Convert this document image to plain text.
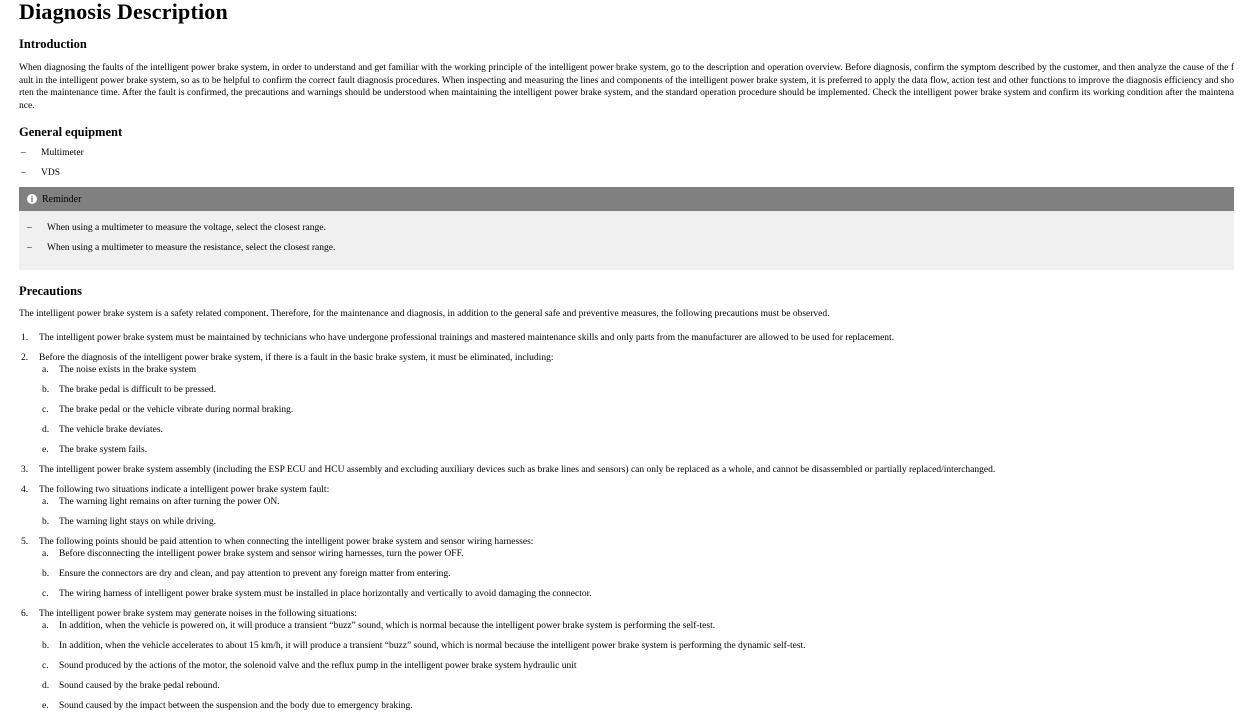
Diagnosis Description
Introduction
When diagnosing the faults of the intelligent power brake system, in order to understand and get familiar with the working principle of the intelligent power brake system, go to the description and operation overview. Before diagnosis, confirm the symptom described by the customer, and then analyze the cause of the fault in the intelligent power brake system, so as to be helpful to confirm the correct fault diagnosis procedures. When inspecting and measuring the lines and components of the intelligent power brake system, it is preferred to apply the data flow, action test and other functions to improve the diagnosis efficiency and shorten the maintenance time. After the fault is confirmed, the precautions and warnings should be understood when maintaining the intelligent power brake system, and the standard operation procedure should be implemented. Check the intelligent power brake system and confirm its working condition after the maintenance.
General equipment
– Multimeter
– VDS
i Reminder
– When using a multimeter to measure the voltage, select the closest range.
– When using a multimeter to measure the resistance, select the closest range.
Precautions
The intelligent power brake system is a safety related component. Therefore, for the maintenance and diagnosis, in addition to the general safe and preventive measures, the following precautions must be observed.
1. The intelligent power brake system must be maintained by technicians who have undergone professional trainings and mastered maintenance skills and only parts from the manufacturer are allowed to be used for replacement.
2. Before the diagnosis of the intelligent power brake system, if there is a fault in the basic brake system, it must be eliminated, including:
a. The noise exists in the brake system
b. The brake pedal is difficult to be pressed.
c. The brake pedal or the vehicle vibrate during normal braking.
d. The vehicle brake deviates.
e. The brake system fails.
3. The intelligent power brake system assembly (including the ESP ECU and HCU assembly and excluding auxiliary devices such as brake lines and sensors) can only be replaced as a whole, and cannot be disassembled or partially replaced/interchanged.
4. The following two situations indicate a intelligent power brake system fault:
a. The warning light remains on after turning the power ON.
b. The warning light stays on while driving.
5. The following points should be paid attention to when connecting the intelligent power brake system and sensor wiring harnesses:
a. Before disconnecting the intelligent power brake system and sensor wiring harnesses, turn the power OFF.
b. Ensure the connectors are dry and clean, and pay attention to prevent any foreign matter from entering.
c. The wiring harness of intelligent power brake system must be installed in place horizontally and vertically to avoid damaging the connector.
6. The intelligent power brake system may generate noises in the following situations:
a. In addition, when the vehicle is powered on, it will produce a transient “buzz” sound, which is normal because the intelligent power brake system is performing the self-test.
b. In addition, when the vehicle accelerates to about 15 km/h, it will produce a transient “buzz” sound, which is normal because the intelligent power brake system is performing the dynamic self-test.
c. Sound produced by the actions of the motor, the solenoid valve and the reflux pump in the intelligent power brake system hydraulic unit
d. Sound caused by the brake pedal rebound.
e. Sound caused by the impact between the suspension and the body due to emergency braking.
